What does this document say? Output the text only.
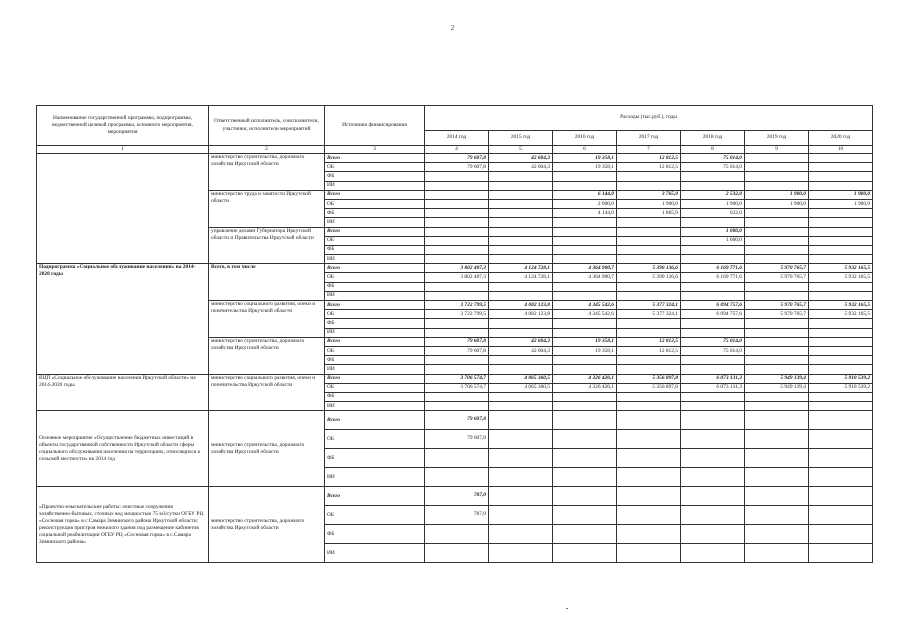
2
Наименование государственной программы, подпрограммы, ведомственной целевой программы, основного мероприятия, мероприятия	Ответственный исполнитель, соисполнители, участники, исполнители мероприятий	Источники финансирования	Расходы (тыс.руб.), годы						
			2014 год	2015 год	2016 год	2017 год	2018 год	2019 год	2020 год
1	2	3	4	5	6	7	8	9	10
	министерство строительства, дорожного хозяйства Иркутской области	Всего	79 607,8	42 604,3	19 358,1	12 812,5	75 014,0		
		ОБ	79 607,8	42 604,3	19 358,1	12 812,5	75 014,0		
		ФБ							
		ИИ							
	министерство труда и занятости Иркутской области	Всего			6 144,0	3 765,9	2 532,0	1 900,0	1 900,0
		ОБ			2 000,0	1 900,0	1 900,0	1 900,0	1 900,0
		ФБ			4 144,0	1 865,9	632,0		
		ИИ							
	управление делами Губернатора Иркутской области и Правительства Иркутской области	Всего					1 000,0		
		ОБ					1 000,0		
		ФБ							
		ИИ							
Подпрограмма «Социальное обслуживание населения» на 2014-2020 годы	Всего, в том числе	Всего	3 802 407,3	4 124 728,1	4 364 900,7	5 390 136,6	6 169 771,6	5 970 765,7	5 932 165,5
		ОБ	3 802 407,3	4 124 728,1	4 364 900,7	5 390 136,6	6 169 771,6	5 970 765,7	5 932 165,5
		ФБ							
		ИИ							
	министерство социального развития, опеки и попечительства Иркутской области	Всего	3 722 799,5	4 082 123,8	4 345 542,6	5 377 324,1	6 094 757,6	5 970 765,7	5 932 165,5
		ОБ	3 722 799,5	4 082 123,8	4 345 542,6	5 377 324,1	6 094 757,6	5 970 765,7	5 932 165,5
		ФБ							
		ИИ							
	министерство строительства, дорожного хозяйства Иркутской области	Всего	79 607,8	42 604,3	19 358,1	12 812,5	75 014,0		
		ОБ	79 607,8	42 604,3	19 358,1	12 812,5	75 014,0		
		ФБ							
		ИИ							
ВЦП «Социальное обслуживание населения Иркутской области» на 2014-2020 годы	министерство социального развития, опеки и попечительства Иркутской области	Всего	3 706 574,7	4 065 360,5	4 326 426,1	5 356 897,8	6 073 131,3	5 949 139,4	5 910 539,2
		ОБ	3 706 574,7	4 065 360,5	4 326 426,1	5 356 897,8	6 073 131,3	5 949 139,4	5 910 539,2
		ФБ							
		ИИ							
Основное мероприятие «Осуществление бюджетных инвестиций в объекты государственной собственности Иркутской области сферы социального обслуживания населения на территориях, относящихся к сельской местности» на 2014 год	министерство строительства, дорожного хозяйства Иркутской области	Всего	79 607,8						
		ОБ	79 607,8						
		ФБ							
		ИИ							
«Проектно-изыскательские работы: очистные сооружения хозяйственно-бытовых, сточных вод мощностью 75 м3/сутки ОГБУ РЦ «Сосновая горка» в с.Самара Зиминского района Иркутской области; реконструкция пристроя нежилого здания под размещение кабинетов социальной реабилитации ОГБУ РЦ «Сосновая горка» в с.Самара Зиминского района»	министерство строительства, дорожного хозяйства Иркутской области	Всего	787,0						
		ОБ	787,0						
		ФБ							
		ИИ							
